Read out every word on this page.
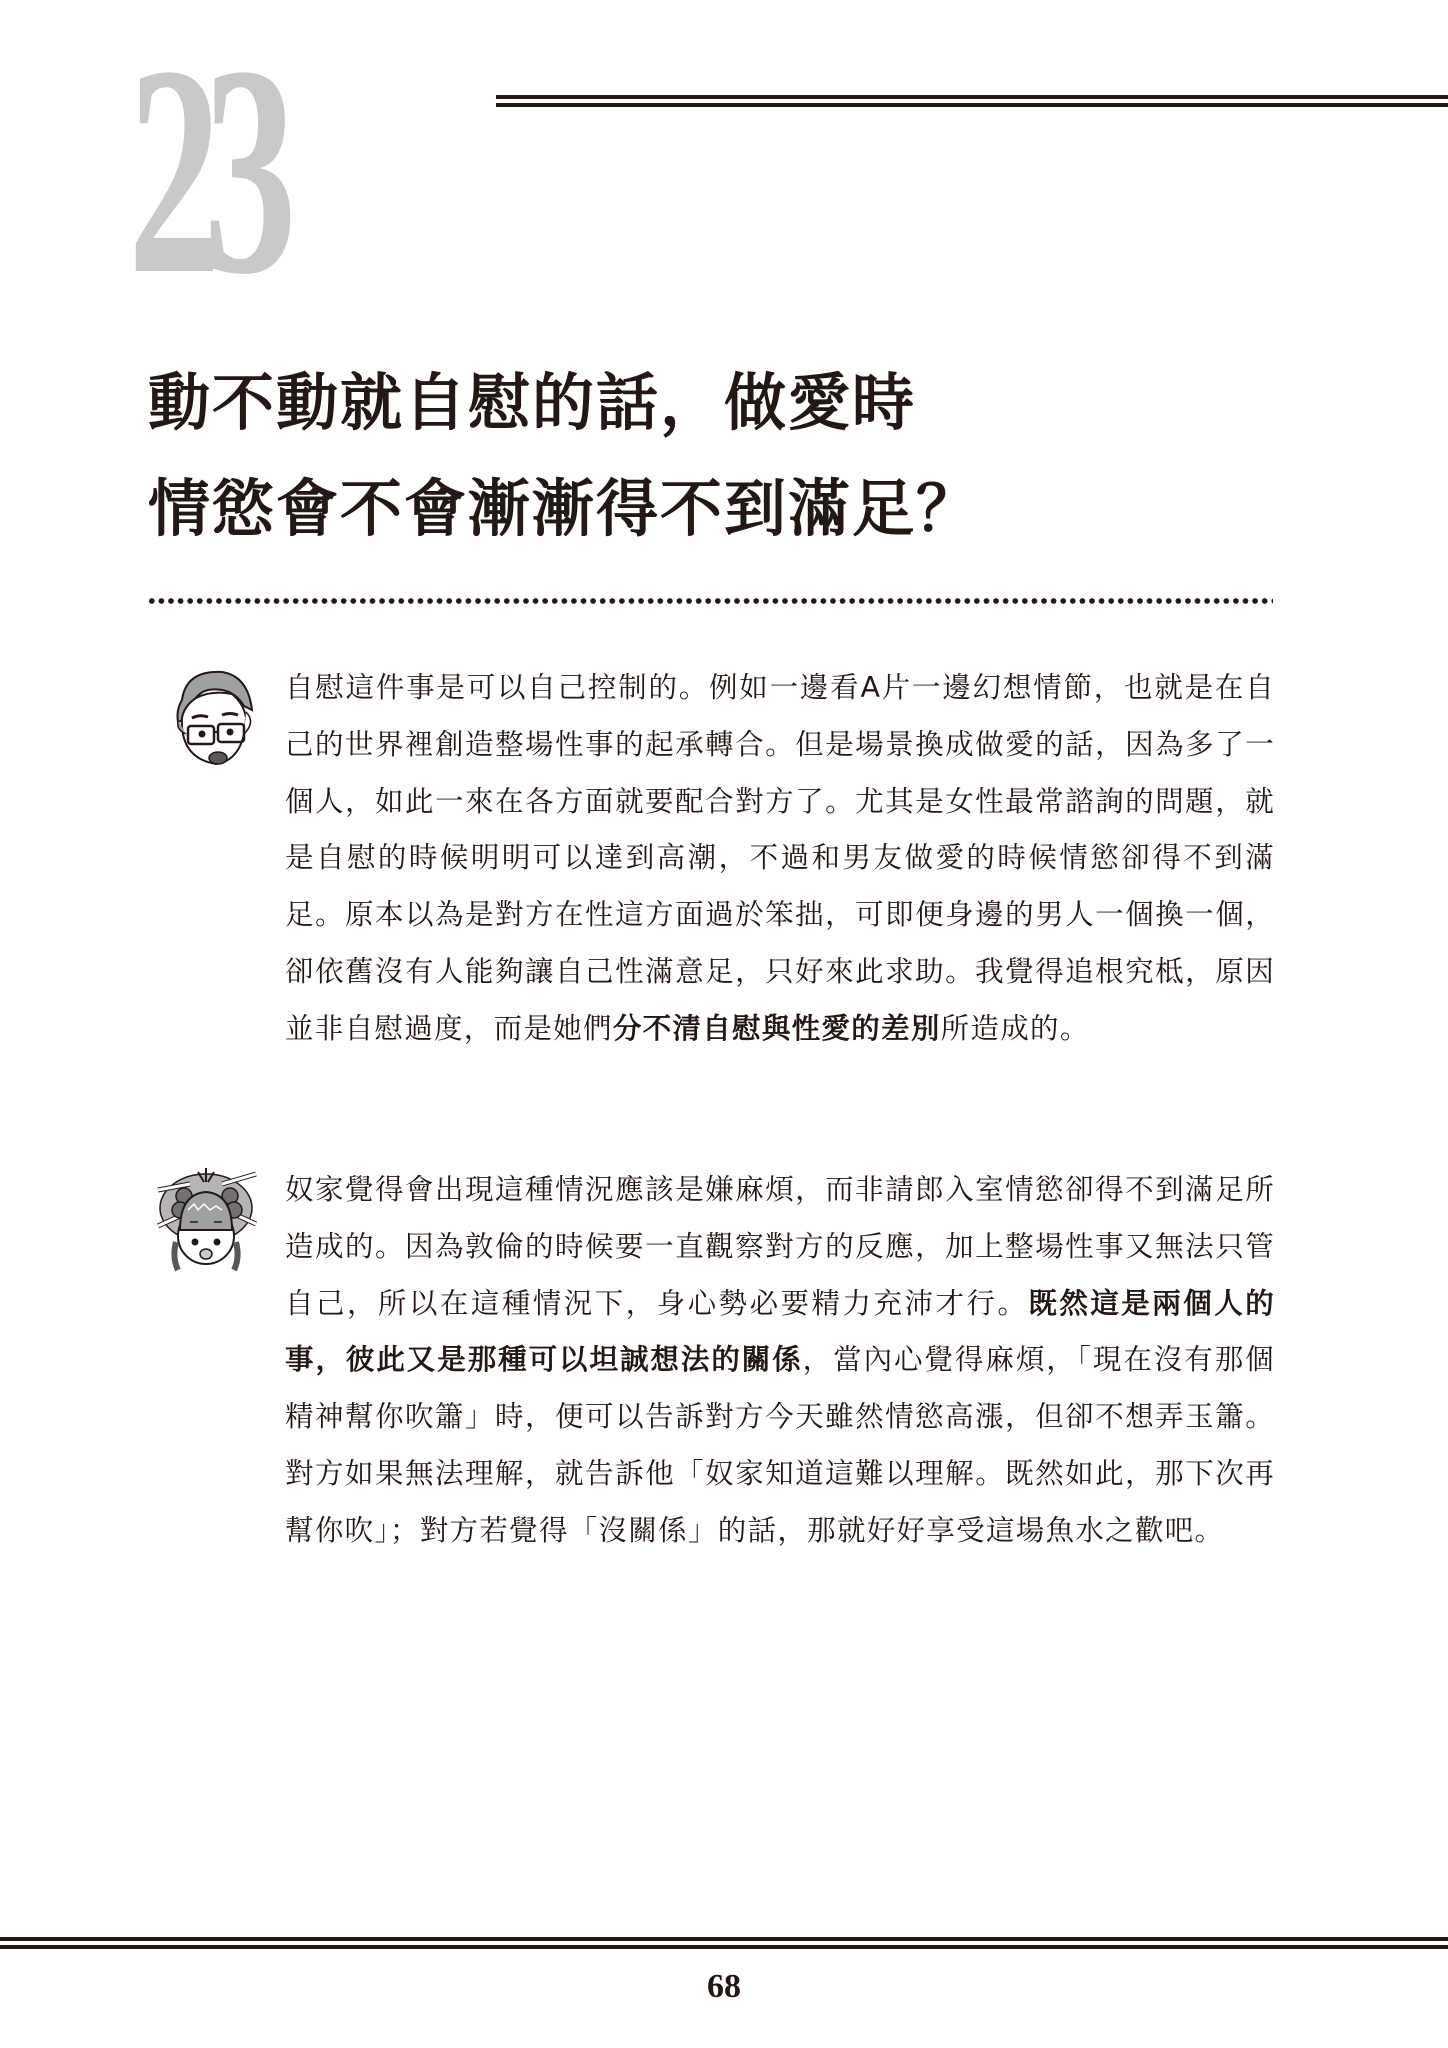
23
動不動就自慰的話，做愛時
情慾會不會漸漸得不到滿足？

自慰這件事是可以自己控制的。例如一邊看A片一邊幻想情節，也就是在自己的世界裡創造整場性事的起承轉合。但是場景換成做愛的話，因為多了一個人，如此一來在各方面就要配合對方了。尤其是女性最常諮詢的問題，就是自慰的時候明明可以達到高潮，不過和男友做愛的時候情慾卻得不到滿足。原本以為是對方在性這方面過於笨拙，可即便身邊的男人一個換一個，卻依舊沒有人能夠讓自己性滿意足，只好來此求助。我覺得追根究柢，原因並非自慰過度，而是她們分不清自慰與性愛的差別所造成的。

奴家覺得會出現這種情況應該是嫌麻煩，而非請郎入室情慾卻得不到滿足所造成的。因為敦倫的時候要一直觀察對方的反應，加上整場性事又無法只管自己，所以在這種情況下，身心勢必要精力充沛才行。既然這是兩個人的事，彼此又是那種可以坦誠想法的關係，當內心覺得麻煩，「現在沒有那個精神幫你吹簫」時，便可以告訴對方今天雖然情慾高漲，但卻不想弄玉簫。對方如果無法理解，就告訴他「奴家知道這難以理解。既然如此，那下次再幫你吹」；對方若覺得「沒關係」的話，那就好好享受這場魚水之歡吧。

68
